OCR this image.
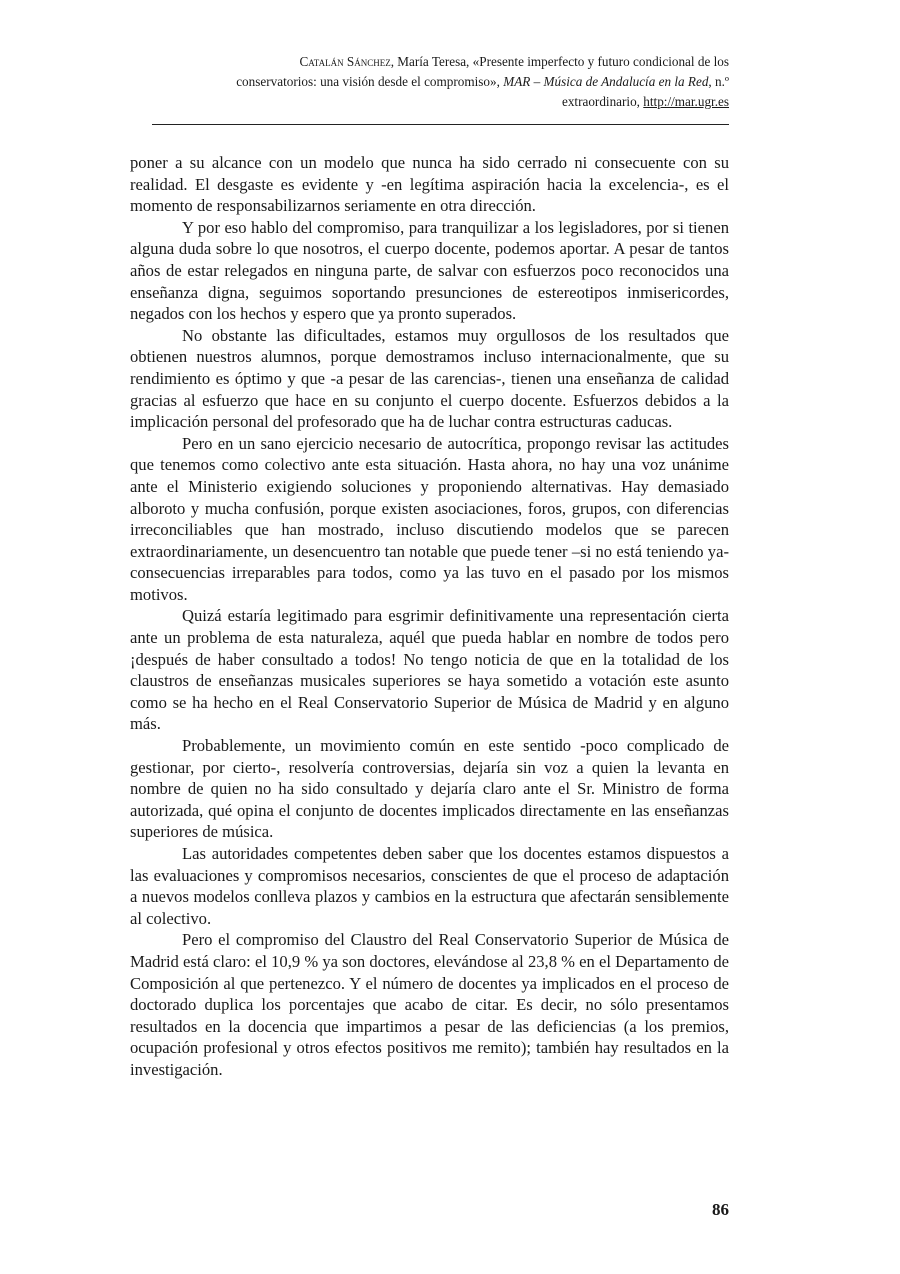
Catalán Sánchez, María Teresa, «Presente imperfecto y futuro condicional de los
conservatorios: una visión desde el compromiso», MAR – Música de Andalucía en la Red, n.º
extraordinario, http://mar.ugr.es

poner a su alcance con un modelo que nunca ha sido cerrado ni consecuente con su realidad. El desgaste es evidente y -en legítima aspiración hacia la excelencia-, es el momento de responsabilizarnos seriamente en otra dirección.

Y por eso hablo del compromiso, para tranquilizar a los legisladores, por si tienen alguna duda sobre lo que nosotros, el cuerpo docente, podemos aportar. A pesar de tantos años de estar relegados en ninguna parte, de salvar con esfuerzos poco reconocidos una enseñanza digna, seguimos soportando presunciones de estereotipos inmisericordes, negados con los hechos y espero que ya pronto superados.

No obstante las dificultades, estamos muy orgullosos de los resultados que obtienen nuestros alumnos, porque demostramos incluso internacionalmente, que su rendimiento es óptimo y que -a pesar de las carencias-, tienen una enseñanza de calidad gracias al esfuerzo que hace en su conjunto el cuerpo docente. Esfuerzos debidos a la implicación personal del profesorado que ha de luchar contra estructuras caducas.

Pero en un sano ejercicio necesario de autocrítica, propongo revisar las actitudes que tenemos como colectivo ante esta situación. Hasta ahora, no hay una voz unánime ante el Ministerio exigiendo soluciones y proponiendo alternativas. Hay demasiado alboroto y mucha confusión, porque existen asociaciones, foros, grupos, con diferencias irreconciliables que han mostrado, incluso discutiendo modelos que se parecen extraordinariamente, un desencuentro tan notable que puede tener –si no está teniendo ya- consecuencias irreparables para todos, como ya las tuvo en el pasado por los mismos motivos.

Quizá estaría legitimado para esgrimir definitivamente una representación cierta ante un problema de esta naturaleza, aquél que pueda hablar en nombre de todos pero ¡después de haber consultado a todos! No tengo noticia de que en la totalidad de los claustros de enseñanzas musicales superiores se haya sometido a votación este asunto como se ha hecho en el Real Conservatorio Superior de Música de Madrid y en alguno más.

Probablemente, un movimiento común en este sentido -poco complicado de gestionar, por cierto-, resolvería controversias, dejaría sin voz a quien la levanta en nombre de quien no ha sido consultado y dejaría claro ante el Sr. Ministro de forma autorizada, qué opina el conjunto de docentes implicados directamente en las enseñanzas superiores de música.

Las autoridades competentes deben saber que los docentes estamos dispuestos a las evaluaciones y compromisos necesarios, conscientes de que el proceso de adaptación a nuevos modelos conlleva plazos y cambios en la estructura que afectarán sensiblemente al colectivo.

Pero el compromiso del Claustro del Real Conservatorio Superior de Música de Madrid está claro: el 10,9 % ya son doctores, elevándose al 23,8 % en el Departamento de Composición al que pertenezco. Y el número de docentes ya implicados en el proceso de doctorado duplica los porcentajes que acabo de citar. Es decir, no sólo presentamos resultados en la docencia que impartimos a pesar de las deficiencias (a los premios, ocupación profesional y otros efectos positivos me remito); también hay resultados en la investigación.

86
